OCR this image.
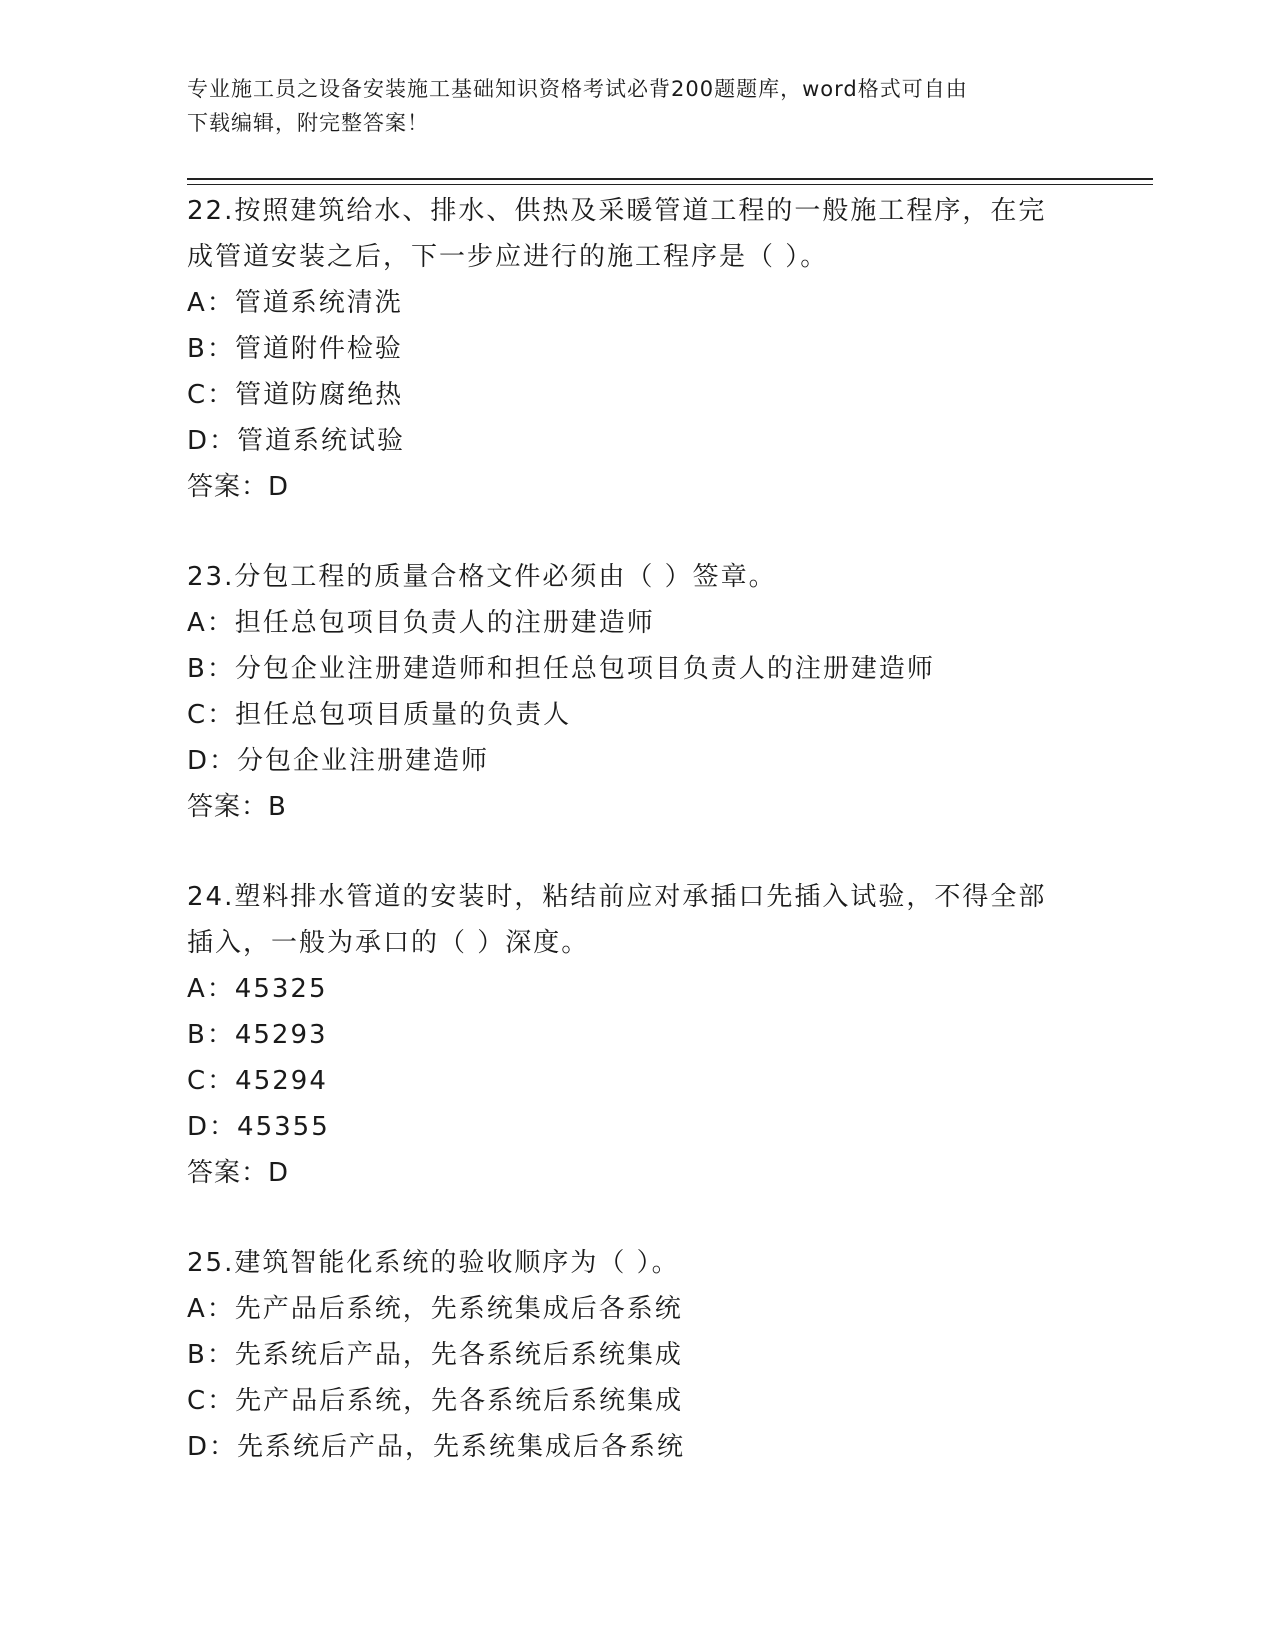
专业施工员之设备安装施工基础知识资格考试必背200题题库，word格式可自由
下载编辑，附完整答案！
22.按照建筑给水、排水、供热及采暖管道工程的一般施工程序，在完
成管道安装之后，下一步应进行的施工程序是（ ）。
A：管道系统清洗
B：管道附件检验
C：管道防腐绝热
D：管道系统试验
答案：D
23.分包工程的质量合格文件必须由（ ）签章。
A：担任总包项目负责人的注册建造师
B：分包企业注册建造师和担任总包项目负责人的注册建造师
C：担任总包项目质量的负责人
D：分包企业注册建造师
答案：B
24.塑料排水管道的安装时，粘结前应对承插口先插入试验，不得全部
插入，一般为承口的（ ）深度。
A：45325
B：45293
C：45294
D：45355
答案：D
25.建筑智能化系统的验收顺序为（ ）。
A：先产品后系统，先系统集成后各系统
B：先系统后产品，先各系统后系统集成
C：先产品后系统，先各系统后系统集成
D：先系统后产品，先系统集成后各系统
